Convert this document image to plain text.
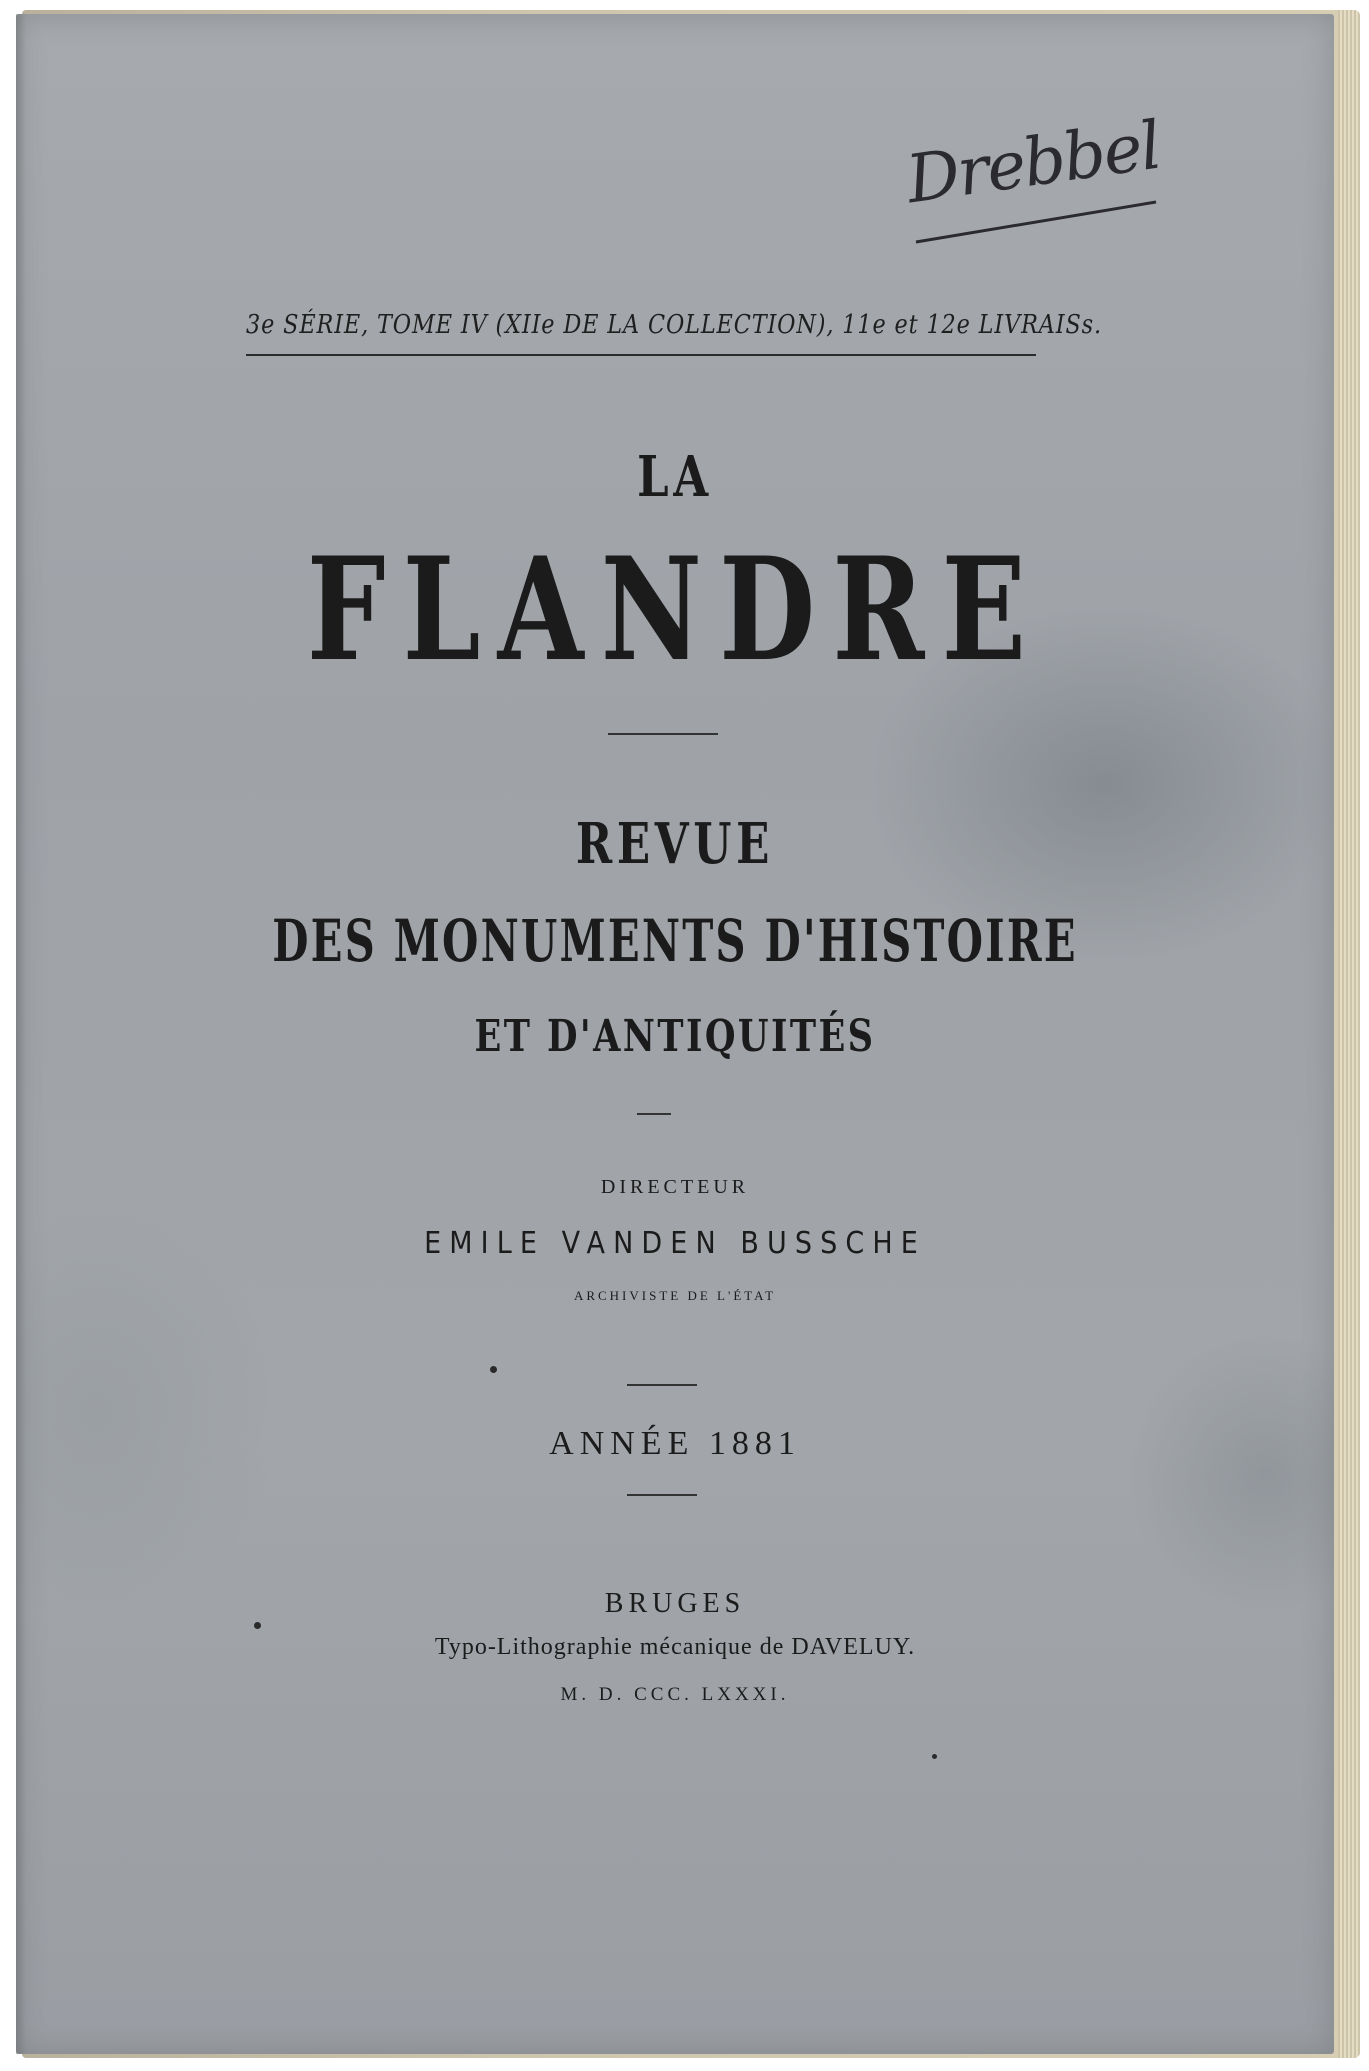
Drebbel
3e SÉRIE, TOME IV (XIIe DE LA COLLECTION), 11e et 12e LIVRAISs.

LA

FLANDRE

REVUE

DES MONUMENTS D'HISTOIRE

ET D'ANTIQUITÉS

DIRECTEUR

EMILE VANDEN BUSSCHE

ARCHIVISTE DE L'ÉTAT

ANNÉE 1881

BRUGES

Typo-Lithographie mécanique de DAVELUY.

M. D. CCC. LXXXI.
